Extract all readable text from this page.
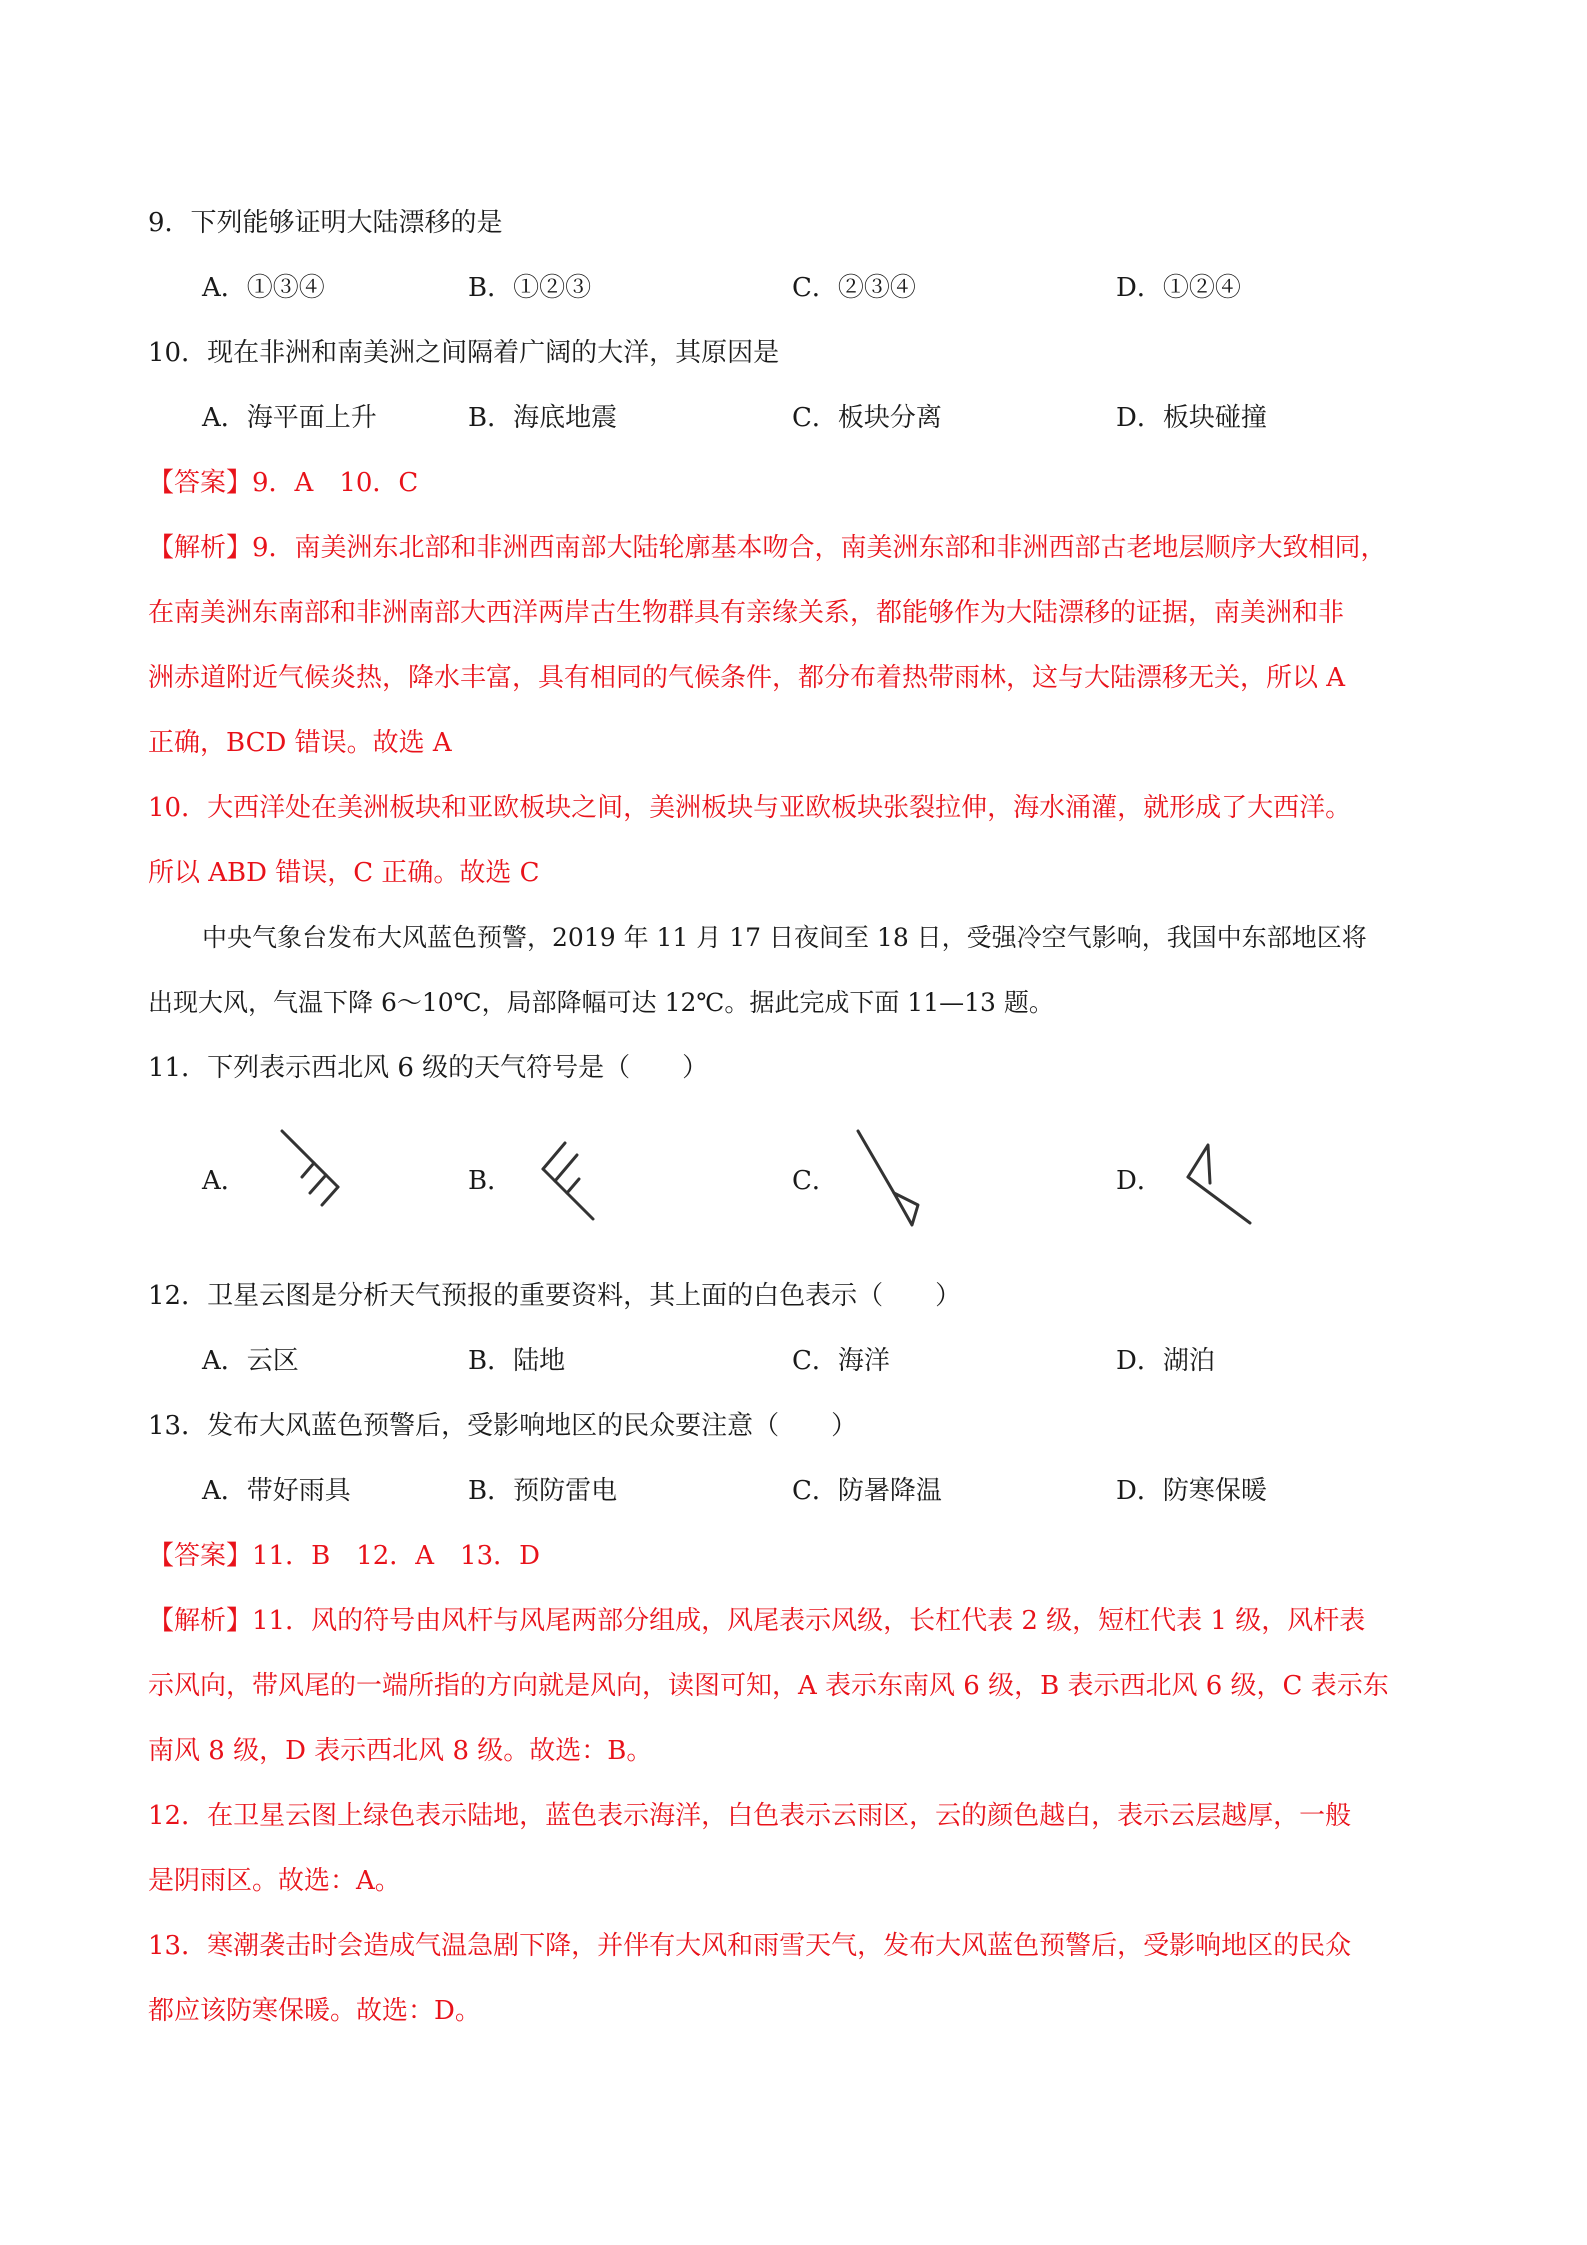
9．下列能够证明大陆漂移的是
A．①③④	B．①②③	C．②③④	D．①②④
10．现在非洲和南美洲之间隔着广阔的大洋，其原因是
A．海平面上升	B．海底地震	C．板块分离	D．板块碰撞
【答案】9．A　10．C
【解析】9．南美洲东北部和非洲西南部大陆轮廓基本吻合，南美洲东部和非洲西部古老地层顺序大致相同，
在南美洲东南部和非洲南部大西洋两岸古生物群具有亲缘关系，都能够作为大陆漂移的证据，南美洲和非
洲赤道附近气候炎热，降水丰富，具有相同的气候条件，都分布着热带雨林，这与大陆漂移无关，所以 A
正确，BCD 错误。故选 A
10．大西洋处在美洲板块和亚欧板块之间，美洲板块与亚欧板块张裂拉伸，海水涌灌，就形成了大西洋。
所以 ABD 错误，C 正确。故选 C
中央气象台发布大风蓝色预警，2019 年 11 月 17 日夜间至 18 日，受强冷空气影响，我国中东部地区将
出现大风，气温下降 6～10℃，局部降幅可达 12℃。据此完成下面 11—13 题。
11．下列表示西北风 6 级的天气符号是（　　）
A．	B．	C．	D．
12．卫星云图是分析天气预报的重要资料，其上面的白色表示（　　）
A．云区	B．陆地	C．海洋	D．湖泊
13．发布大风蓝色预警后，受影响地区的民众要注意（　　）
A．带好雨具	B．预防雷电	C．防暑降温	D．防寒保暖
【答案】11．B　12．A　13．D
【解析】11．风的符号由风杆与风尾两部分组成，风尾表示风级，长杠代表 2 级，短杠代表 1 级，风杆表
示风向，带风尾的一端所指的方向就是风向，读图可知，A 表示东南风 6 级，B 表示西北风 6 级，C 表示东
南风 8 级，D 表示西北风 8 级。故选：B。
12．在卫星云图上绿色表示陆地，蓝色表示海洋，白色表示云雨区，云的颜色越白，表示云层越厚，一般
是阴雨区。故选：A。
13．寒潮袭击时会造成气温急剧下降，并伴有大风和雨雪天气，发布大风蓝色预警后，受影响地区的民众
都应该防寒保暖。故选：D。
